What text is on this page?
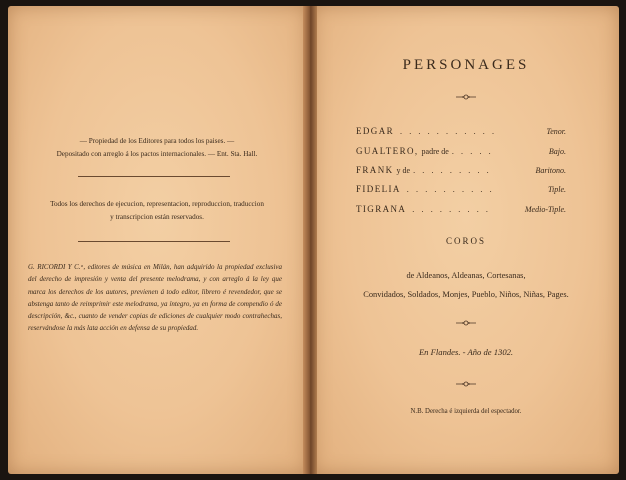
— Propiedad de los Editores para todos los paises. —
Depositado con arreglo á los pactos internacionales. — Ent. Sta. Hall.
Todos los derechos de ejecucion, representacion, reproduccion, traduccion
y transcripcion están reservados.
G. RICORDI Y C.ᵃ, editores de música en Milán, han adquirido la propiedad exclusiva del derecho de impresión y venta del presente melodrama, y con arreglo á la ley que marca los derechos de los autores, previenen á todo editor, librero é revendedor, que se abstenga tanto de reimprimir este melodrama, ya íntegro, ya en forma de compendio ó de descripción, &c., cuanto de vender copias de ediciones de cualquier modo contrahechas, reservándose la más lata acción en defensa de su propiedad.
PERSONAGES
EDGAR . . . . . . . . . . .	Tenor.
GUALTERO, padre de . . . . .	Bajo.
FRANK y de . . . . . . . . .	Baritono.
FIDELIA . . . . . . . . . .	Tiple.
TIGRANA . . . . . . . . .	Medio-Tiple.
COROS
de Aldeanos, Aldeanas, Cortesanas,
Convidados, Soldados, Monjes, Pueblo, Niños, Niñas, Pages.
En Flandes. - Año de 1302.
N.B. Derecha é izquierda del espectador.
